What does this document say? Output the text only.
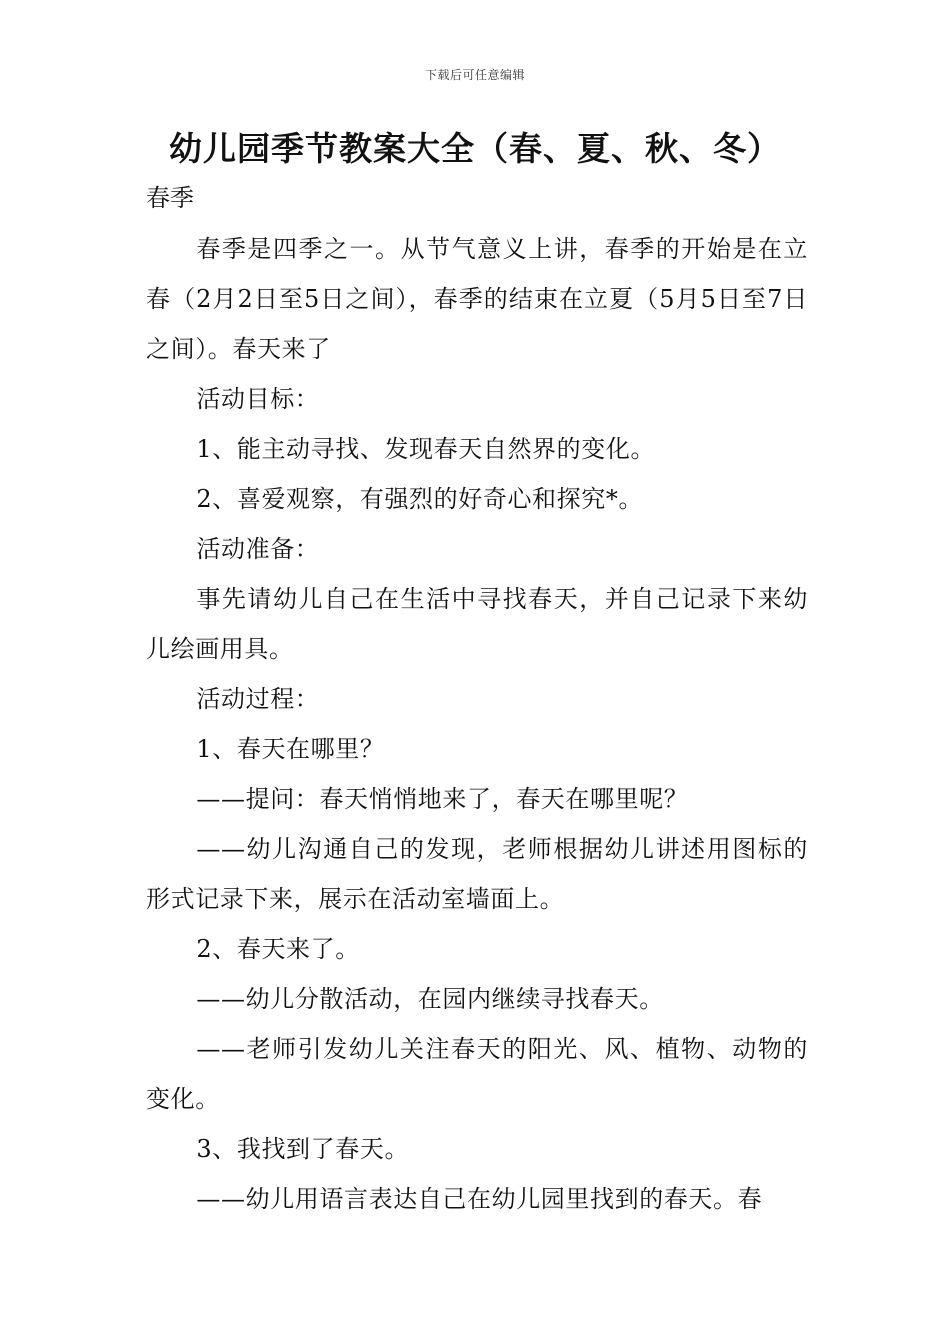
下载后可任意编辑
幼儿园季节教案大全（春、夏、秋、冬）
春季

春季是四季之一。从节气意义上讲，春季的开始是在立春（2月2日至5日之间），春季的结束在立夏（5月5日至7日之间）。春天来了

活动目标：

1、能主动寻找、发现春天自然界的变化。

2、喜爱观察，有强烈的好奇心和探究*。

活动准备：

事先请幼儿自己在生活中寻找春天，并自己记录下来幼儿绘画用具。

活动过程：

1、春天在哪里？

——提问：春天悄悄地来了，春天在哪里呢？

——幼儿沟通自己的发现，老师根据幼儿讲述用图标的形式记录下来，展示在活动室墙面上。

2、春天来了。

——幼儿分散活动，在园内继续寻找春天。

——老师引发幼儿关注春天的阳光、风、植物、动物的变化。

3、我找到了春天。

——幼儿用语言表达自己在幼儿园里找到的春天。春
